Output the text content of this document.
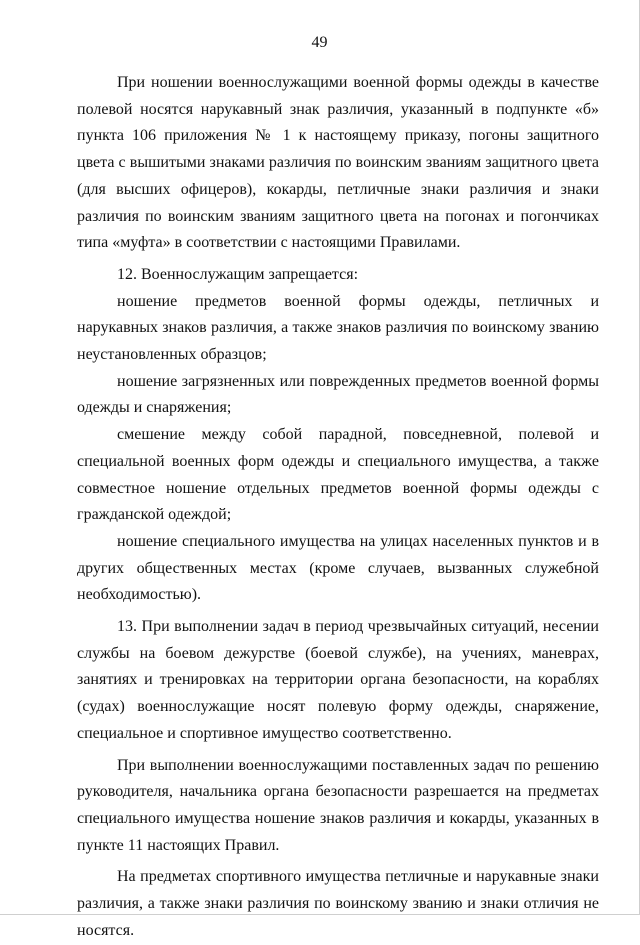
49

При ношении военнослужащими военной формы одежды в качестве полевой носятся нарукавный знак различия, указанный в подпункте «б» пункта 106 приложения № 1 к настоящему приказу, погоны защитного цвета с вышитыми знаками различия по воинским званиям защитного цвета (для высших офицеров), кокарды, петличные знаки различия и знаки различия по воинским званиям защитного цвета на погонах и погончиках типа «муфта» в соответствии с настоящими Правилами.

12. Военнослужащим запрещается:

ношение предметов военной формы одежды, петличных и нарукавных знаков различия, а также знаков различия по воинскому званию неустановленных образцов;

ношение загрязненных или поврежденных предметов военной формы одежды и снаряжения;

смешение между собой парадной, повседневной, полевой и специальной военных форм одежды и специального имущества, а также совместное ношение отдельных предметов военной формы одежды с гражданской одеждой;

ношение специального имущества на улицах населенных пунктов и в других общественных местах (кроме случаев, вызванных служебной необходимостью).

13. При выполнении задач в период чрезвычайных ситуаций, несении службы на боевом дежурстве (боевой службе), на учениях, маневрах, занятиях и тренировках на территории органа безопасности, на кораблях (судах) военнослужащие носят полевую форму одежды, снаряжение, специальное и спортивное имущество соответственно.

При выполнении военнослужащими поставленных задач по решению руководителя, начальника органа безопасности разрешается на предметах специального имущества ношение знаков различия и кокарды, указанных в пункте 11 настоящих Правил.

На предметах спортивного имущества петличные и нарукавные знаки различия, а также знаки различия по воинскому званию и знаки отличия не носятся.
